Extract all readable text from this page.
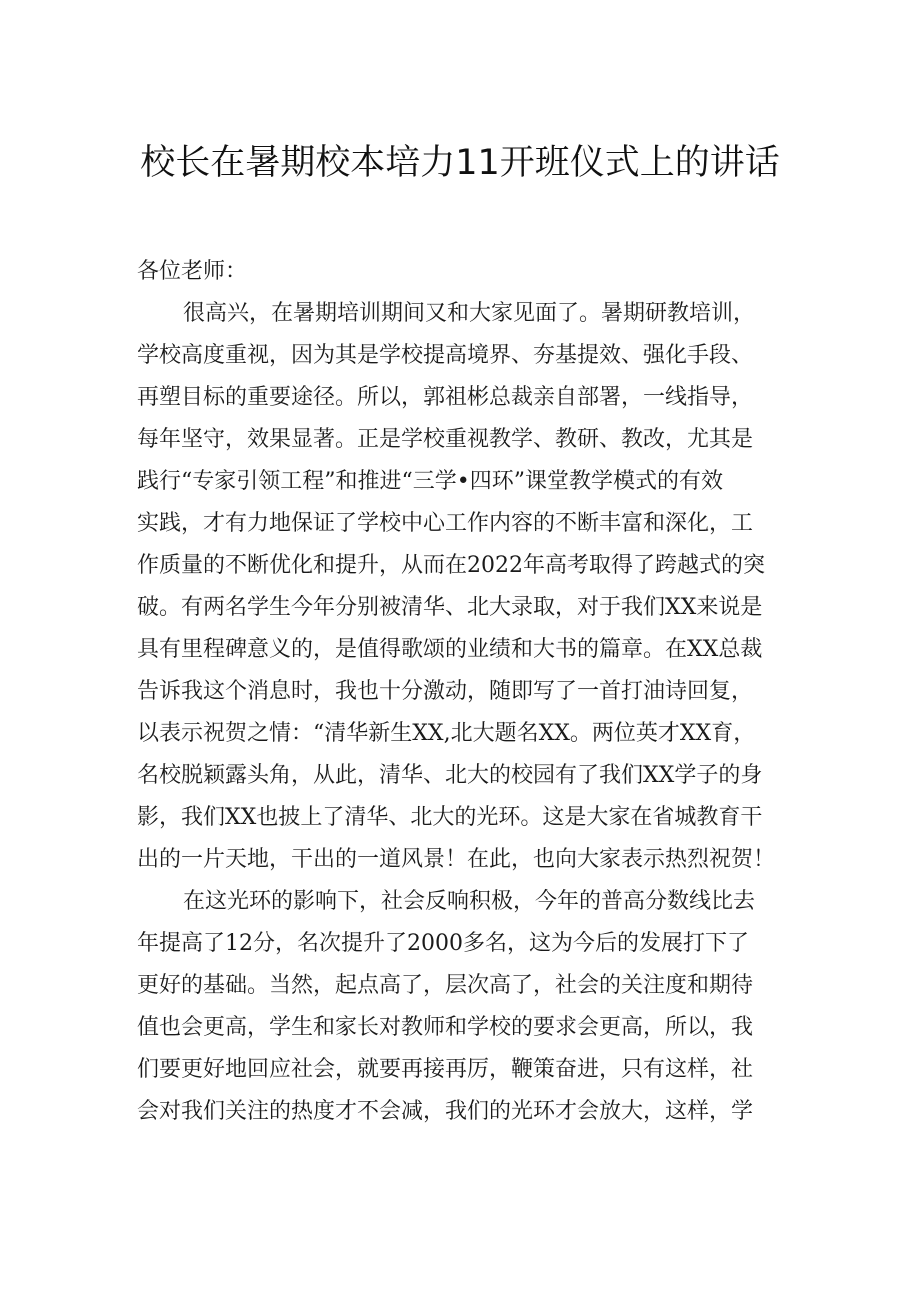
校长在暑期校本培力11开班仪式上的讲话
各位老师：
很高兴，在暑期培训期间又和大家见面了。暑期研教培训，
学校高度重视，因为其是学校提高境界、夯基提效、强化手段、
再塑目标的重要途径。所以，郭祖彬总裁亲自部署，一线指导，
每年坚守，效果显著。正是学校重视教学、教研、教改，尤其是
践行“专家引领工程”和推进“三学•四环”课堂教学模式的有效
实践，才有力地保证了学校中心工作内容的不断丰富和深化，工
作质量的不断优化和提升，从而在2022年高考取得了跨越式的突
破。有两名学生今年分别被清华、北大录取，对于我们XX来说是
具有里程碑意义的，是值得歌颂的业绩和大书的篇章。在XX总裁
告诉我这个消息时，我也十分激动，随即写了一首打油诗回复，
以表示祝贺之情：“清华新生XX,北大题名XX。两位英才XX育，
名校脱颖露头角，从此，清华、北大的校园有了我们XX学子的身
影，我们XX也披上了清华、北大的光环。这是大家在省城教育干
出的一片天地，干出的一道风景！在此，也向大家表示热烈祝贺！
在这光环的影响下，社会反响积极，今年的普高分数线比去
年提高了12分，名次提升了2000多名，这为今后的发展打下了
更好的基础。当然，起点高了，层次高了，社会的关注度和期待
值也会更高，学生和家长对教师和学校的要求会更高，所以，我
们要更好地回应社会，就要再接再厉，鞭策奋进，只有这样，社
会对我们关注的热度才不会减，我们的光环才会放大，这样，学
